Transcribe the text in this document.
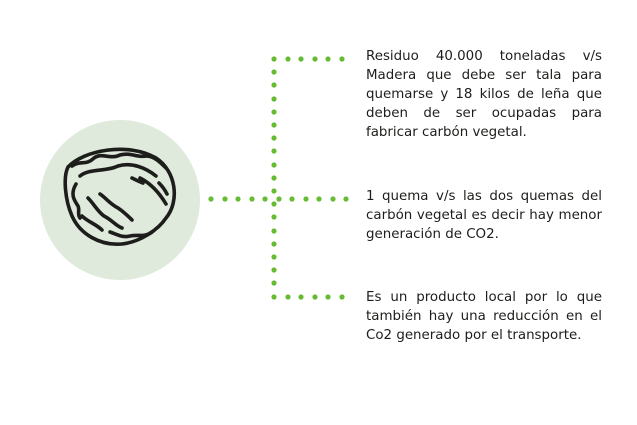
Residuo 40.000 toneladas v/s Madera que debe ser tala para quemarse y 18 kilos de leña que deben de ser ocupadas para fabricar carbón vegetal.

1 quema v/s las dos quemas del carbón vegetal es decir hay menor generación de CO2.

Es un producto local por lo que también hay una reducción en el Co2 generado por el transporte.
